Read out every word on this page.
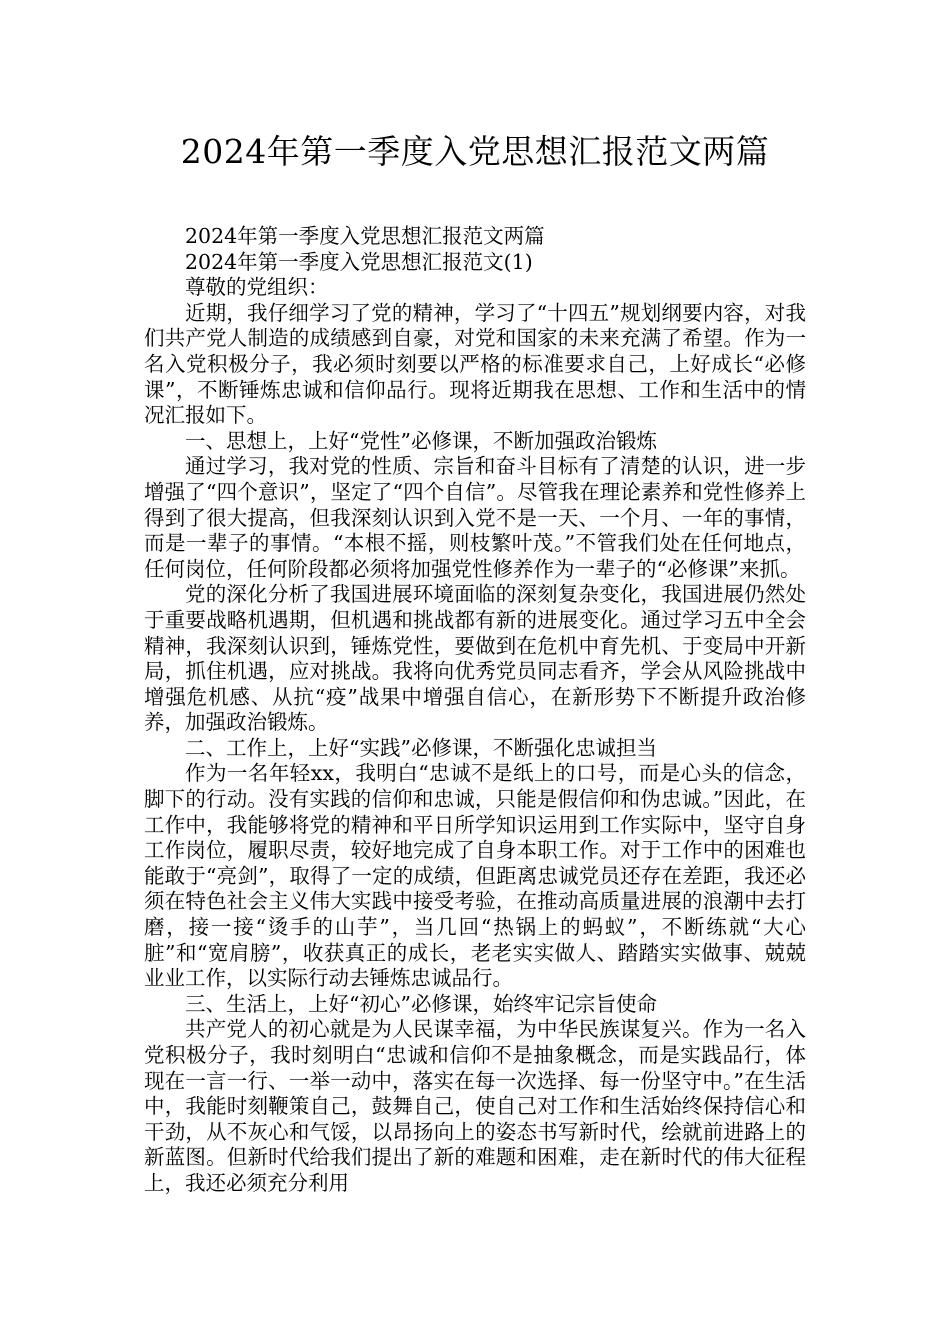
2024年第一季度入党思想汇报范文两篇

2024年第一季度入党思想汇报范文两篇

2024年第一季度入党思想汇报范文(1)

尊敬的党组织：

近期，我仔细学习了党的精神，学习了“十四五”规划纲要内容，对我们共产党人制造的成绩感到自豪，对党和国家的未来充满了希望。作为一名入党积极分子，我必须时刻要以严格的标准要求自己，上好成长“必修课”，不断锤炼忠诚和信仰品行。现将近期我在思想、工作和生活中的情况汇报如下。

一、思想上，上好“党性”必修课，不断加强政治锻炼

通过学习，我对党的性质、宗旨和奋斗目标有了清楚的认识，进一步增强了“四个意识”，坚定了“四个自信”。尽管我在理论素养和党性修养上得到了很大提高，但我深刻认识到入党不是一天、一个月、一年的事情，而是一辈子的事情。“本根不摇，则枝繁叶茂。”不管我们处在任何地点，任何岗位，任何阶段都必须将加强党性修养作为一辈子的“必修课”来抓。

党的深化分析了我国进展环境面临的深刻复杂变化，我国进展仍然处于重要战略机遇期，但机遇和挑战都有新的进展变化。通过学习五中全会精神，我深刻认识到，锤炼党性，要做到在危机中育先机、于变局中开新局，抓住机遇，应对挑战。我将向优秀党员同志看齐，学会从风险挑战中增强危机感、从抗“疫”战果中增强自信心，在新形势下不断提升政治修养，加强政治锻炼。

二、工作上，上好“实践”必修课，不断强化忠诚担当

作为一名年轻xx，我明白“忠诚不是纸上的口号，而是心头的信念，脚下的行动。没有实践的信仰和忠诚，只能是假信仰和伪忠诚。”因此，在工作中，我能够将党的精神和平日所学知识运用到工作实际中，坚守自身工作岗位，履职尽责，较好地完成了自身本职工作。对于工作中的困难也能敢于“亮剑”，取得了一定的成绩，但距离忠诚党员还存在差距，我还必须在特色社会主义伟大实践中接受考验，在推动高质量进展的浪潮中去打磨，接一接“烫手的山芋”，当几回“热锅上的蚂蚁”，不断练就“大心脏”和“宽肩膀”，收获真正的成长，老老实实做人、踏踏实实做事、兢兢业业工作，以实际行动去锤炼忠诚品行。

三、生活上，上好“初心”必修课，始终牢记宗旨使命

共产党人的初心就是为人民谋幸福，为中华民族谋复兴。作为一名入党积极分子，我时刻明白“忠诚和信仰不是抽象概念，而是实践品行，体现在一言一行、一举一动中，落实在每一次选择、每一份坚守中。”在生活中，我能时刻鞭策自己，鼓舞自己，使自己对工作和生活始终保持信心和干劲，从不灰心和气馁，以昂扬向上的姿态书写新时代，绘就前进路上的新蓝图。但新时代给我们提出了新的难题和困难，走在新时代的伟大征程上，我还必须充分利用
